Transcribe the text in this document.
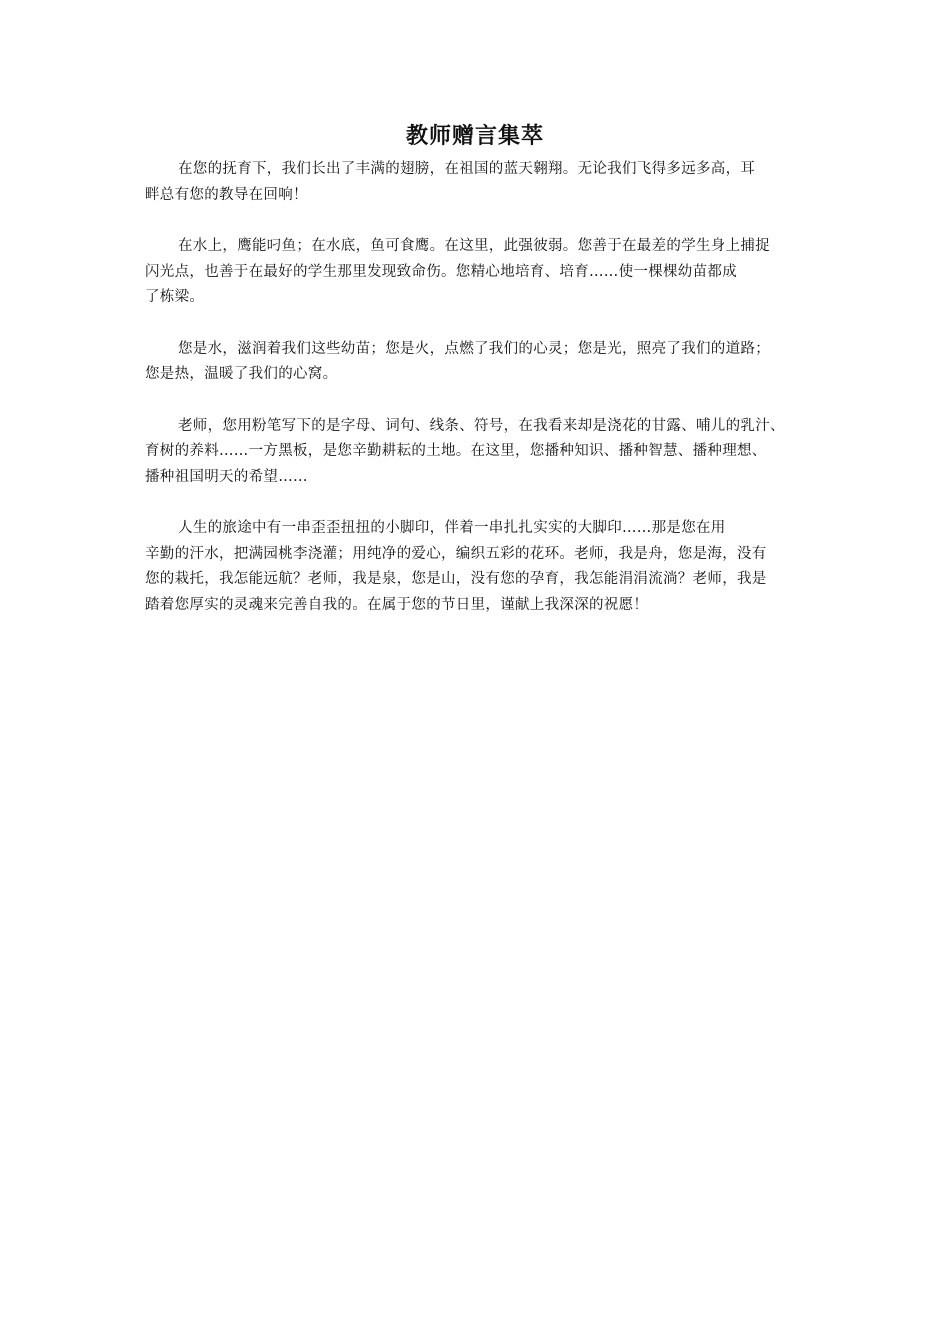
教师赠言集萃

在您的抚育下，我们长出了丰满的翅膀，在祖国的蓝天翱翔。无论我们飞得多远多高，耳
畔总有您的教导在回响！

在水上，鹰能叼鱼；在水底，鱼可食鹰。在这里，此强彼弱。您善于在最差的学生身上捕捉
闪光点，也善于在最好的学生那里发现致命伤。您精心地培育、培育……使一棵棵幼苗都成
了栋梁。

您是水，滋润着我们这些幼苗；您是火，点燃了我们的心灵；您是光，照亮了我们的道路；
您是热，温暖了我们的心窝。

老师，您用粉笔写下的是字母、词句、线条、符号，在我看来却是浇花的甘露、哺儿的乳汁、
育树的养料……一方黑板，是您辛勤耕耘的土地。在这里，您播种知识、播种智慧、播种理想、
播种祖国明天的希望……

人生的旅途中有一串歪歪扭扭的小脚印，伴着一串扎扎实实的大脚印……那是您在用
辛勤的汗水，把满园桃李浇灌；用纯净的爱心，编织五彩的花环。老师，我是舟，您是海，没有
您的栽托，我怎能远航？老师，我是泉，您是山，没有您的孕育，我怎能涓涓流淌？老师，我是
踏着您厚实的灵魂来完善自我的。在属于您的节日里，谨献上我深深的祝愿！
